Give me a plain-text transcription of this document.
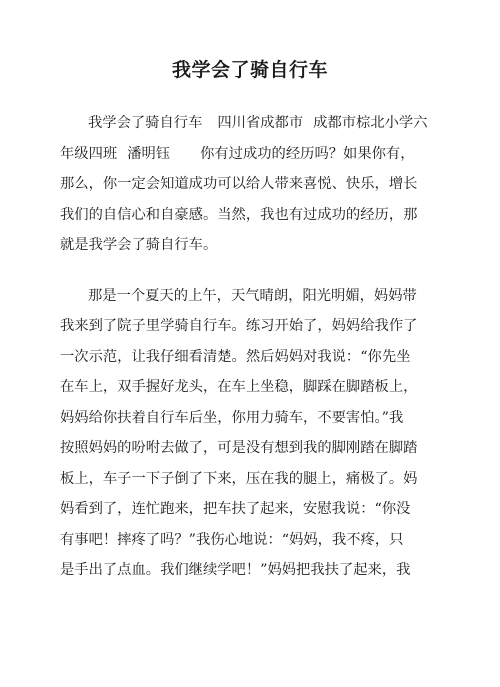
我学会了骑自行车
我学会了骑自行车 四川省成都市 成都市棕北小学六
年级四班 潘明钰 你有过成功的经历吗？如果你有，
那么，你一定会知道成功可以给人带来喜悦、快乐，增长
我们的自信心和自豪感。当然，我也有过成功的经历，那
就是我学会了骑自行车。
那是一个夏天的上午，天气晴朗，阳光明媚，妈妈带
我来到了院子里学骑自行车。练习开始了，妈妈给我作了
一次示范，让我仔细看清楚。然后妈妈对我说：“你先坐
在车上，双手握好龙头，在车上坐稳，脚踩在脚踏板上，
妈妈给你扶着自行车后坐，你用力骑车，不要害怕。”我
按照妈妈的吩咐去做了，可是没有想到我的脚刚踏在脚踏
板上，车子一下子倒了下来，压在我的腿上，痛极了。妈
妈看到了，连忙跑来，把车扶了起来，安慰我说：“你没
有事吧！摔疼了吗？”我伤心地说：“妈妈，我不疼，只
是手出了点血。我们继续学吧！”妈妈把我扶了起来，我
